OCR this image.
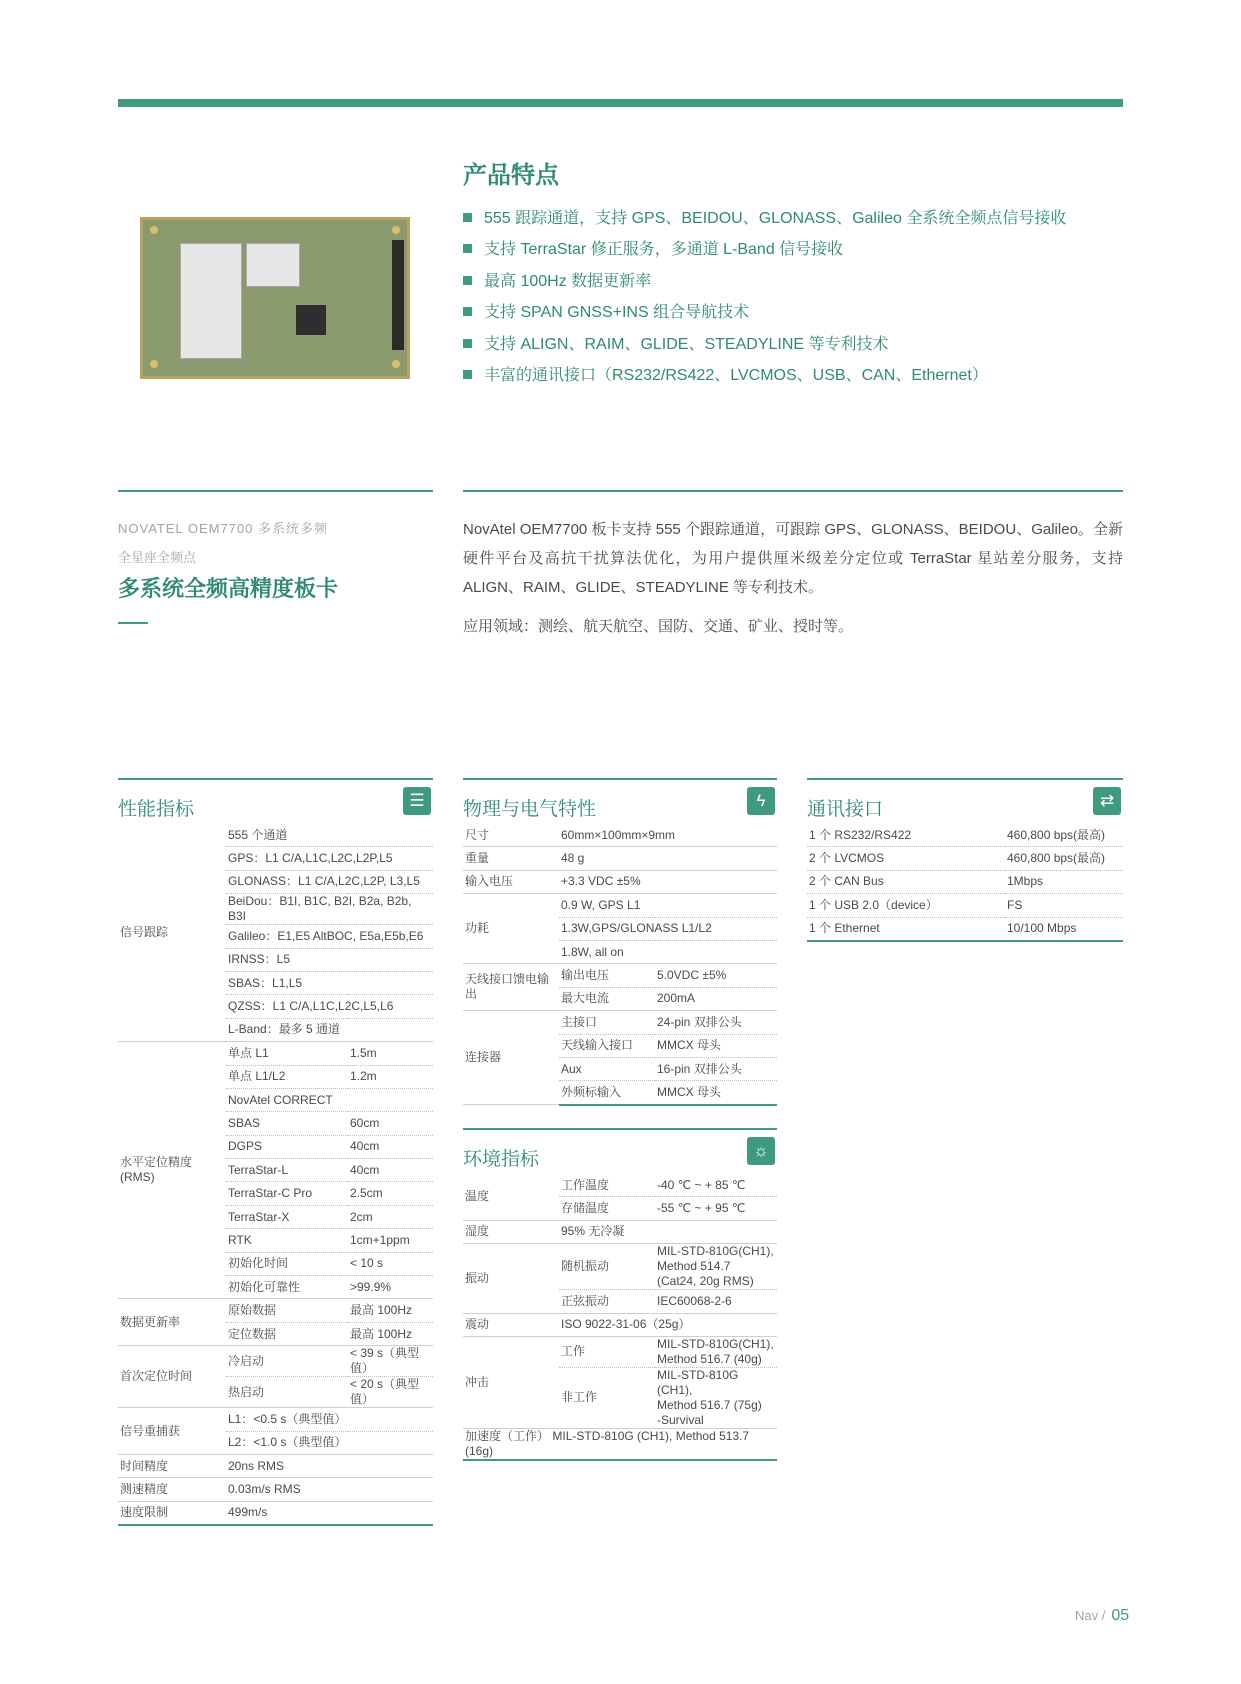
产品特点
555 跟踪通道，支持 GPS、BEIDOU、GLONASS、Galileo 全系统全频点信号接收
支持 TerraStar 修正服务，多通道 L-Band 信号接收
最高 100Hz 数据更新率
支持 SPAN GNSS+INS 组合导航技术
支持 ALIGN、RAIM、GLIDE、STEADYLINE 等专利技术
丰富的通讯接口（RS232/RS422、LVCMOS、USB、CAN、Ethernet）
NOVATEL OEM7700 多系统多频
全星座全频点
多系统全频高精度板卡

NovAtel OEM7700 板卡支持 555 个跟踪通道，可跟踪 GPS、GLONASS、BEIDOU、Galileo。全新硬件平台及高抗干扰算法优化，为用户提供厘米级差分定位或 TerraStar 星站差分服务，支持 ALIGN、RAIM、GLIDE、STEADYLINE 等专利技术。

应用领域：测绘、航天航空、国防、交通、矿业、授时等。

性能指标	☰
信号跟踪	555 个通道	
	GPS：L1 C/A,L1C,L2C,L2P,L5	
	GLONASS：L1 C/A,L2C,L2P, L3,L5	
	BeiDou：B1I, B1C, B2I, B2a, B2b, B3I	
	Galileo：E1,E5 AltBOC, E5a,E5b,E6	
	IRNSS：L5	
	SBAS：L1,L5	
	QZSS：L1 C/A,L1C,L2C,L5,L6	
	L-Band：最多 5 通道	
水平定位精度
(RMS)	单点 L1	1.5m
	单点 L1/L2	1.2m
	NovAtel CORRECT	
	SBAS	60cm
	DGPS	40cm
	TerraStar-L	40cm
	TerraStar-C Pro	2.5cm
	TerraStar-X	2cm
	RTK	1cm+1ppm
	初始化时间	< 10 s
	初始化可靠性	>99.9%
数据更新率	原始数据	最高 100Hz
	定位数据	最高 100Hz
首次定位时间	冷启动	< 39 s（典型值）
	热启动	< 20 s（典型值）
信号重捕获	L1：<0.5 s（典型值）	
	L2：<1.0 s（典型值）	
时间精度	20ns RMS	
测速精度	0.03m/s RMS	
速度限制	499m/s	
物理与电气特性	ϟ
尺寸	60mm×100mm×9mm	
重量	48 g	
输入电压	+3.3 VDC ±5%	
功耗	0.9 W, GPS L1	
	1.3W,GPS/GLONASS L1/L2	
	1.8W, all on	
天线接口馈电输出	输出电压	5.0VDC ±5%
	最大电流	200mA
连接器	主接口	24-pin 双排公头
	天线输入接口	MMCX 母头
	Aux	16-pin 双排公头
	外频标输入	MMCX 母头
环境指标	☼
温度	工作温度	-40 ℃ ~ + 85 ℃
	存储温度	-55 ℃ ~ + 95 ℃
湿度	95% 无冷凝	
振动	随机振动	MIL-STD-810G(CH1),
Method 514.7
(Cat24, 20g RMS)
	正弦振动	IEC60068-2-6
震动	ISO 9022-31-06（25g）	
冲击	工作	MIL-STD-810G(CH1),
Method 516.7 (40g)
	非工作	MIL-STD-810G (CH1),
Method 516.7 (75g)
-Survival
加速度（工作） MIL-STD-810G (CH1), Method 513.7 (16g)		
通讯接口	⇄
1 个 RS232/RS422	460,800 bps(最高)
2 个 LVCMOS	460,800 bps(最高)
2 个 CAN Bus	1Mbps
1 个 USB 2.0（device）	FS
1 个 Ethernet	10/100 Mbps
Nav / 05
